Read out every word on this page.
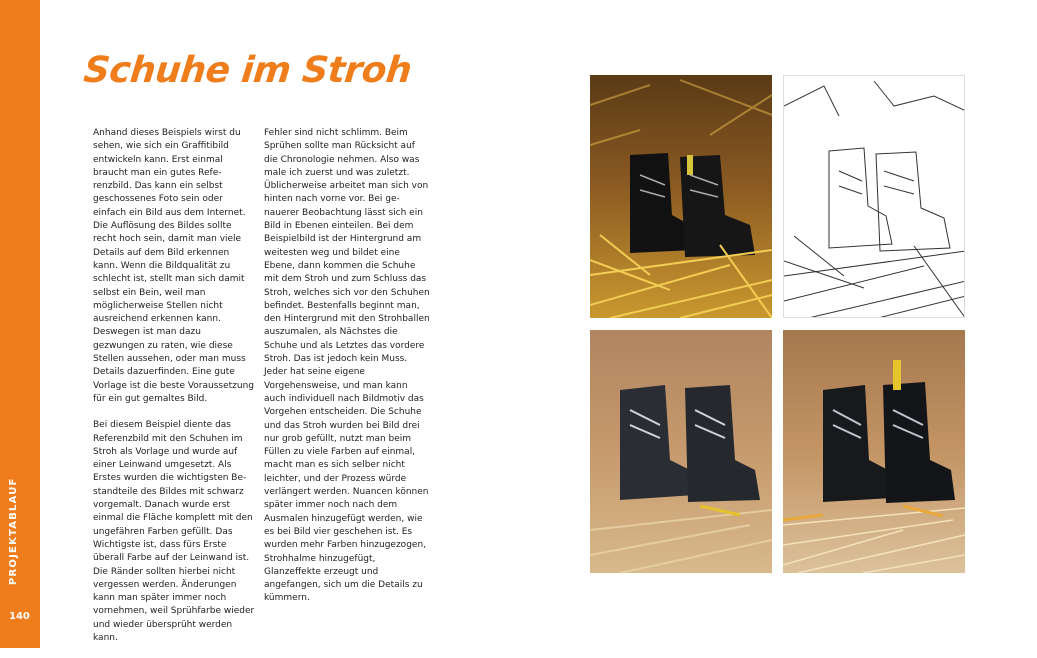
PROJEKTABLAUF
140
Schuhe im Stroh

Anhand dieses Beispiels wirst du sehen, wie sich ein Graffitibild entwickeln kann. Erst einmal braucht man ein gutes Referenzbild. Das kann ein selbst geschossenes Foto sein oder einfach ein Bild aus dem Internet. Die Auflösung des Bildes sollte recht hoch sein, damit man viele Details auf dem Bild erkennen kann. Wenn die Bildqualität zu schlecht ist, stellt man sich damit selbst ein Bein, weil man möglicherweise Stellen nicht ausreichend erkennen kann. Deswegen ist man dazu gezwungen zu raten, wie diese Stellen aussehen, oder man muss Details dazuerfinden. Eine gute Vorlage ist die beste Voraussetzung für ein gut gemaltes Bild.

Bei diesem Beispiel diente das Referenzbild mit den Schuhen im Stroh als Vorlage und wurde auf einer Leinwand umgesetzt. Als Erstes wurden die wichtigsten Bestandteile des Bildes mit schwarz vorgemalt. Danach wurde erst einmal die Fläche komplett mit den ungefähren Farben gefüllt. Das Wichtigste ist, dass fürs Erste überall Farbe auf der Leinwand ist. Die Ränder sollten hierbei nicht vergessen werden. Änderungen kann man später immer noch vornehmen, weil Sprühfarbe wieder und wieder übersprüht werden kann.

Fehler sind nicht schlimm. Beim Sprühen sollte man Rücksicht auf die Chronologie nehmen. Also was male ich zuerst und was zuletzt. Üblicherweise arbeitet man sich von hinten nach vorne vor. Bei genauerer Beobachtung lässt sich ein Bild in Ebenen einteilen. Bei dem Beispielbild ist der Hintergrund am weitesten weg und bildet eine Ebene, dann kommen die Schuhe mit dem Stroh und zum Schluss das Stroh, welches sich vor den Schuhen befindet. Bestenfalls beginnt man, den Hintergrund mit den Strohballen auszumalen, als Nächstes die Schuhe und als Letztes das vordere Stroh. Das ist jedoch kein Muss. Jeder hat seine eigene Vorgehensweise, und man kann auch individuell nach Bildmotiv das Vorgehen entscheiden. Die Schuhe und das Stroh wurden bei Bild drei nur grob gefüllt, nutzt man beim Füllen zu viele Farben auf einmal, macht man es sich selber nicht leichter, und der Prozess würde verlängert werden. Nuancen können später immer noch nach dem Ausmalen hinzugefügt werden, wie es bei Bild vier geschehen ist. Es wurden mehr Farben hinzugezogen, Strohhalme hinzugefügt, Glanzeffekte erzeugt und angefangen, sich um die Details zu kümmern.
